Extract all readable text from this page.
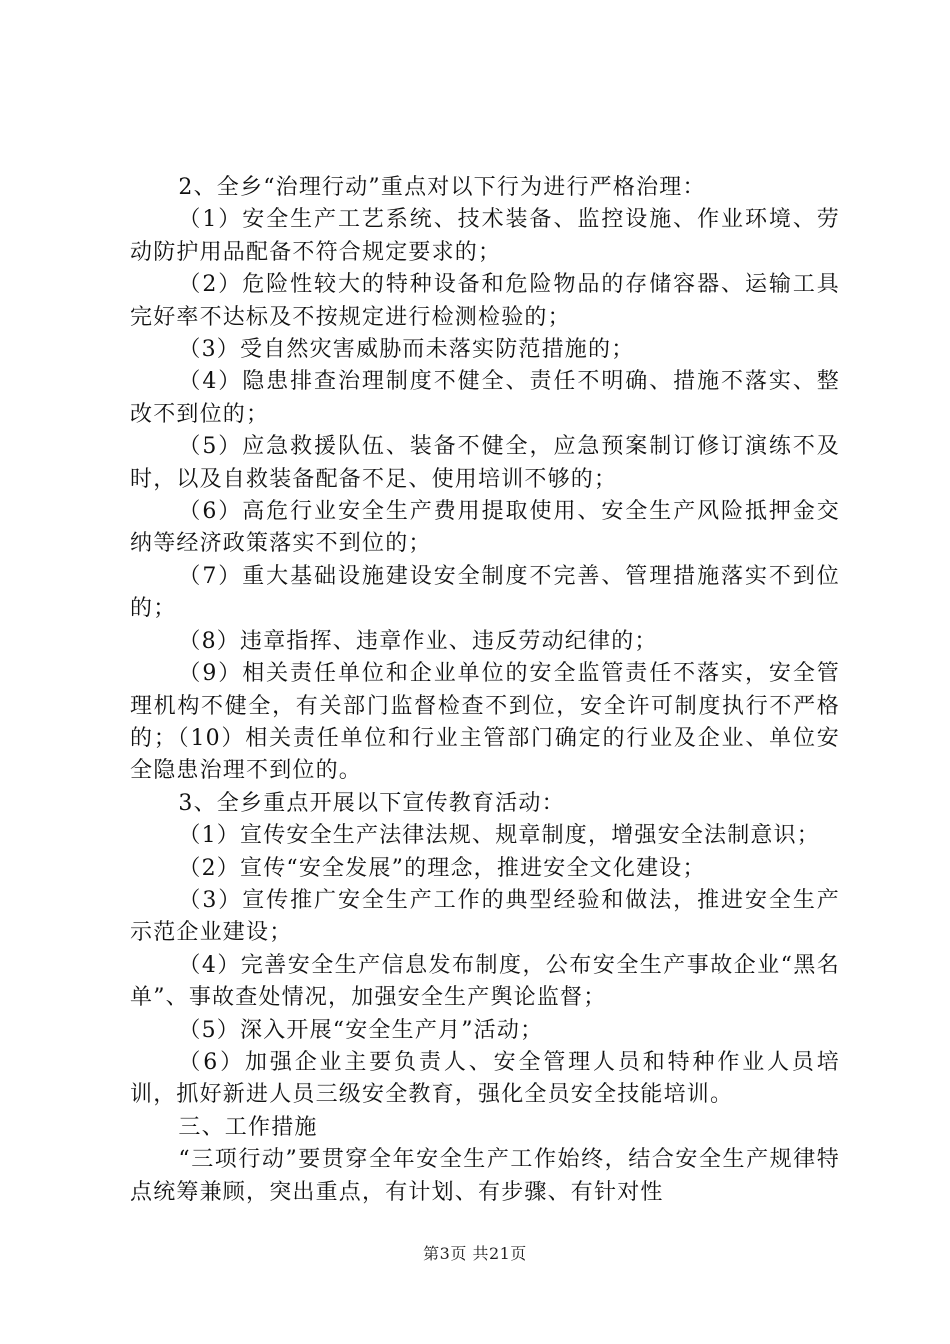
2、全乡“治理行动”重点对以下行为进行严格治理：

（1）安全生产工艺系统、技术装备、监控设施、作业环境、劳动防护用品配备不符合规定要求的；

（2）危险性较大的特种设备和危险物品的存储容器、运输工具完好率不达标及不按规定进行检测检验的；

（3）受自然灾害威胁而未落实防范措施的；

（4）隐患排查治理制度不健全、责任不明确、措施不落实、整改不到位的；

（5）应急救援队伍、装备不健全，应急预案制订修订演练不及时，以及自救装备配备不足、使用培训不够的；

（6）高危行业安全生产费用提取使用、安全生产风险抵押金交纳等经济政策落实不到位的；

（7）重大基础设施建设安全制度不完善、管理措施落实不到位的；

（8）违章指挥、违章作业、违反劳动纪律的；

（9）相关责任单位和企业单位的安全监管责任不落实，安全管理机构不健全，有关部门监督检查不到位，安全许可制度执行不严格的；（10）相关责任单位和行业主管部门确定的行业及企业、单位安全隐患治理不到位的。

3、全乡重点开展以下宣传教育活动：

（1）宣传安全生产法律法规、规章制度，增强安全法制意识；

（2）宣传“安全发展”的理念，推进安全文化建设；

（3）宣传推广安全生产工作的典型经验和做法，推进安全生产示范企业建设；

（4）完善安全生产信息发布制度，公布安全生产事故企业“黑名单”、事故查处情况，加强安全生产舆论监督；

（5）深入开展“安全生产月”活动；

（6）加强企业主要负责人、安全管理人员和特种作业人员培训，抓好新进人员三级安全教育，强化全员安全技能培训。

三、工作措施

“三项行动”要贯穿全年安全生产工作始终，结合安全生产规律特点统筹兼顾，突出重点，有计划、有步骤、有针对性

第3页 共21页
